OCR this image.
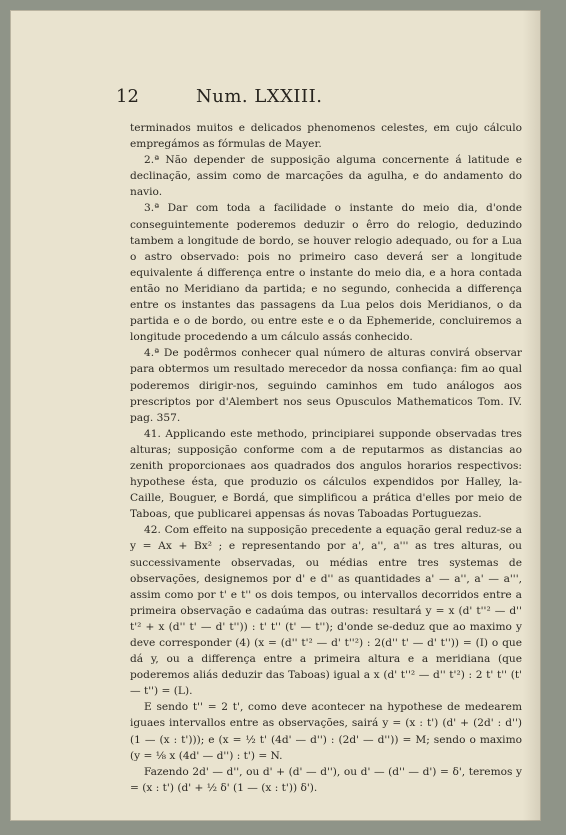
12	Num. LXXIII.

terminados muitos e delicados phenomenos celestes, em cujo cálculo empregámos as fórmulas de Mayer.

2.ª Não depender de supposição alguma concernente á latitude e declinação, assim como de marcações da agulha, e do andamento do navio.

3.ª Dar com toda a facilidade o instante do meio dia, d'onde conseguintemente poderemos deduzir o êrro do relogio, deduzindo tambem a longitude de bordo, se houver relogio adequado, ou for a Lua o astro observado: pois no primeiro caso deverá ser a longitude equivalente á differença entre o instante do meio dia, e a hora contada então no Meridiano da partida; e no segundo, conhecida a differença entre os instantes das passagens da Lua pelos dois Meridianos, o da partida e o de bordo, ou entre este e o da Ephemeride, concluiremos a longitude procedendo a um cálculo assás conhecido.

4.ª De podêrmos conhecer qual número de alturas convirá observar para obtermos um resultado merecedor da nossa confiança: fim ao qual poderemos dirigir-nos, seguindo caminhos em tudo análogos aos prescriptos por d'Alembert nos seus Opusculos Mathematicos Tom. IV. pag. 357.

41. Applicando este methodo, principiarei supponde observadas tres alturas; supposição conforme com a de reputarmos as distancias ao zenith proporcionaes aos quadrados dos angulos horarios respectivos: hypothese ésta, que produzio os cálculos expendidos por Halley, la-Caille, Bouguer, e Bordá, que simplificou a prática d'elles por meio de Taboas, que publicarei appensas ás novas Taboadas Portuguezas.

42. Com effeito na supposição precedente a equação geral reduz-se a y = Ax + Bx² ; e representando por a', a'', a''' as tres alturas, ou successivamente observadas, ou médias entre tres systemas de observações, designemos por d' e d'' as quantidades a' — a'', a' — a''', assim como por t' e t'' os dois tempos, ou intervallos decorridos entre a primeira observação e cadaúma das outras: resultará y = x (d' t''² — d'' t'² + x (d'' t' — d' t'')) : t' t'' (t' — t''); d'onde se-deduz que ao maximo y deve corresponder (4) (x = (d'' t'² — d' t''²) : 2(d'' t' — d' t'')) = (I) o que dá y, ou a differença entre a primeira altura e a meridiana (que poderemos aliás deduzir das Taboas) igual a x (d' t''² — d'' t'²) : 2 t' t'' (t' — t'') = (L).

E sendo t'' = 2 t', como deve acontecer na hypothese de medearem iguaes intervallos entre as observações, sairá y = (x : t') (d' + (2d' : d'') (1 — (x : t'))); e (x = ½ t' (4d' — d'') : (2d' — d'')) = M; sendo o maximo (y = ⅛ x (4d' — d'') : t') = N.

Fazendo 2d' — d'', ou d' + (d' — d''), ou d' — (d'' — d') = δ', teremos y = (x : t') (d' + ½ δ' (1 — (x : t')) δ').
